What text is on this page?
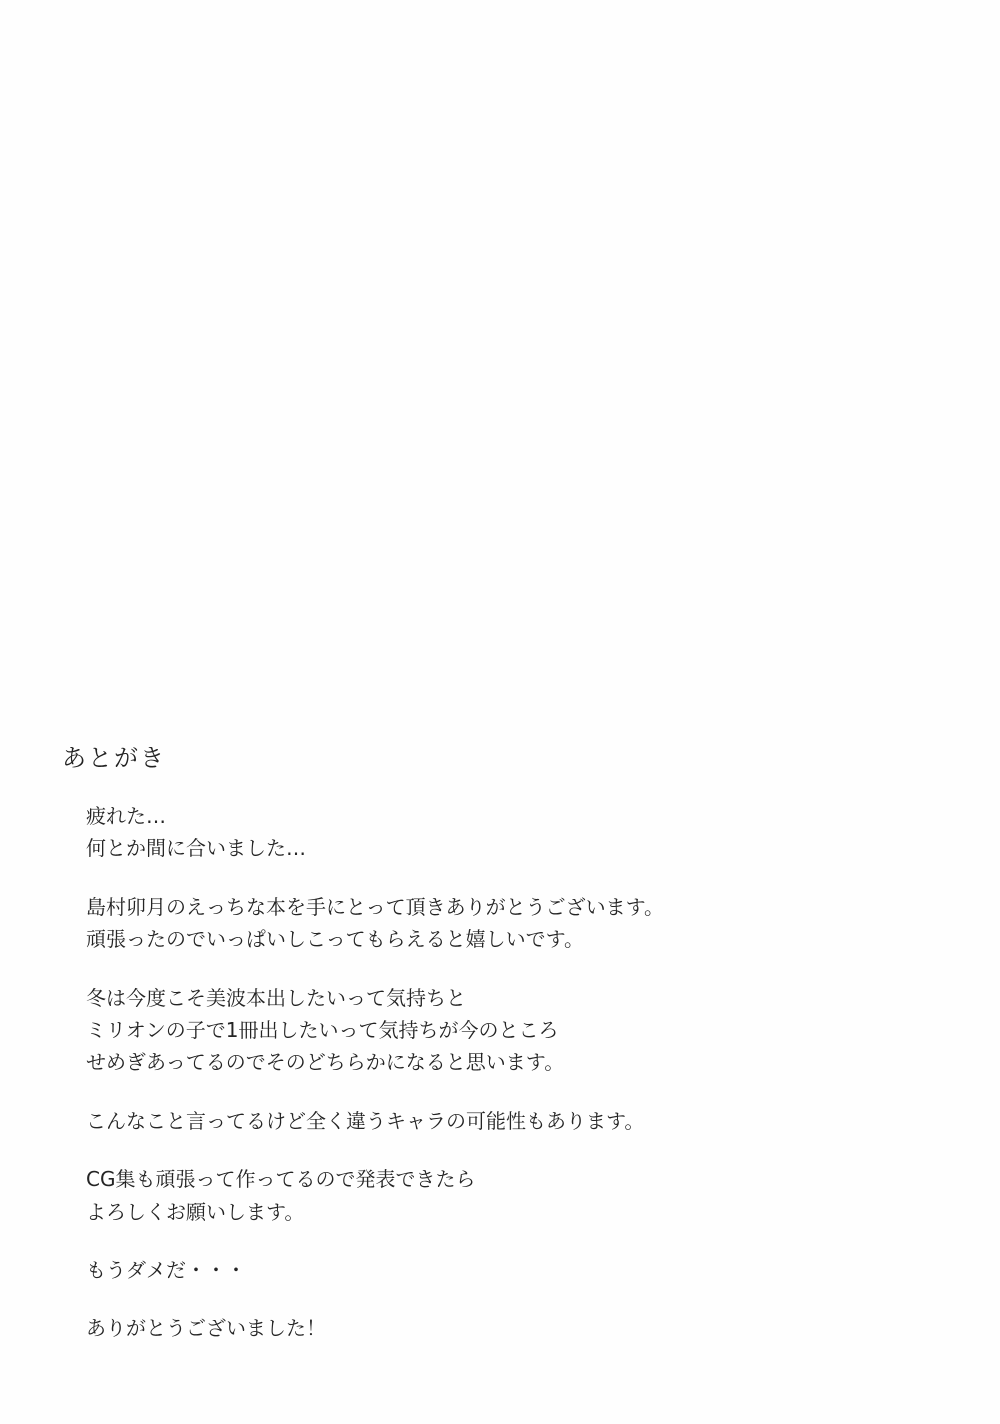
あとがき

疲れた…
何とか間に合いました…

島村卯月のえっちな本を手にとって頂きありがとうございます。
頑張ったのでいっぱいしこってもらえると嬉しいです。

冬は今度こそ美波本出したいって気持ちと
ミリオンの子で1冊出したいって気持ちが今のところ
せめぎあってるのでそのどちらかになると思います。

こんなこと言ってるけど全く違うキャラの可能性もあります。

CG集も頑張って作ってるので発表できたら
よろしくお願いします。

もうダメだ・・・

ありがとうございました！
